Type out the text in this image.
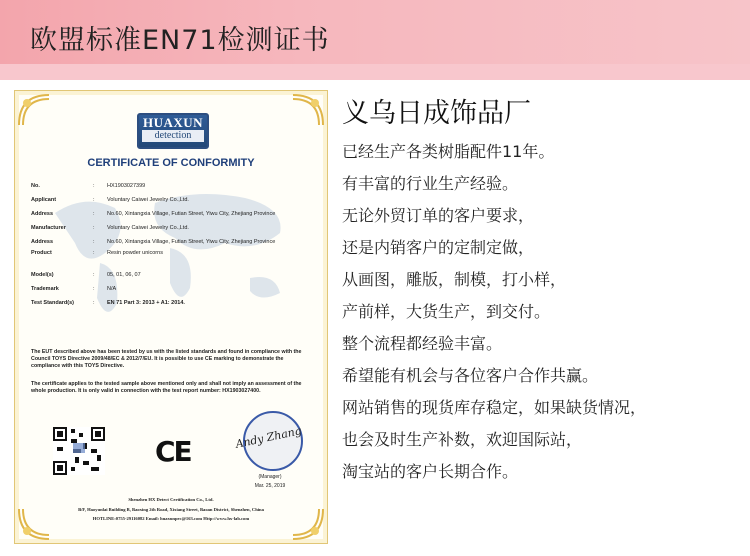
欧盟标准EN71检测证书
HUAXUN
detection
CERTIFICATE OF CONFORMITY
No.	:	HX1903027399
Applicant	:	Voluntary Caiwei Jewelry Co.,Ltd.
Address	:	No.60, Xintangxia Village, Futian Street, Yiwu City, Zhejiang Province
Manufacturer	:	Voluntary Caiwei Jewelry Co.,Ltd.
Address	:	No.60, Xintangxia Village, Futian Street, Yiwu City, Zhejiang Province
Product	:	Resin powder unicorns
Model(s)	:	05, 01, 06, 07
Trademark	:	N/A
Test Standard(s)	:	EN 71 Part 3: 2013 + A1: 2014.
The EUT described above has been tested by us with the listed standards and found in compliance with the Council TOYS Directive 2009/48/EC & 2012/7/EU. It is possible to use CE marking to demonstrate the compliance with this TOYS Directive.
The certificate applies to the tested sample above mentioned only and shall not imply an assessment of the whole production. It is only valid in connection with the test report number: HX1903027400.
CE	Andy Zhang
(Manager)
Mar. 25, 2019
Shenzhen HX Detect Certification Co., Ltd.
B/F, Haoyunlai Building B, Baoxing 2th Road, Xixiang Street, Baoan District, Shenzhen, China
HOTLINE:0755-29116082 Email: huaxunpec@163.com Http://www.hx-lab.com
义乌日成饰品厂
已经生产各类树脂配件11年。
有丰富的行业生产经验。
无论外贸订单的客户要求，
还是内销客户的定制定做，
从画图，雕版，制模，打小样，
产前样，大货生产，到交付。
整个流程都经验丰富。
希望能有机会与各位客户合作共赢。
网站销售的现货库存稳定，如果缺货情况，
也会及时生产补数，欢迎国际站，
淘宝站的客户长期合作。
